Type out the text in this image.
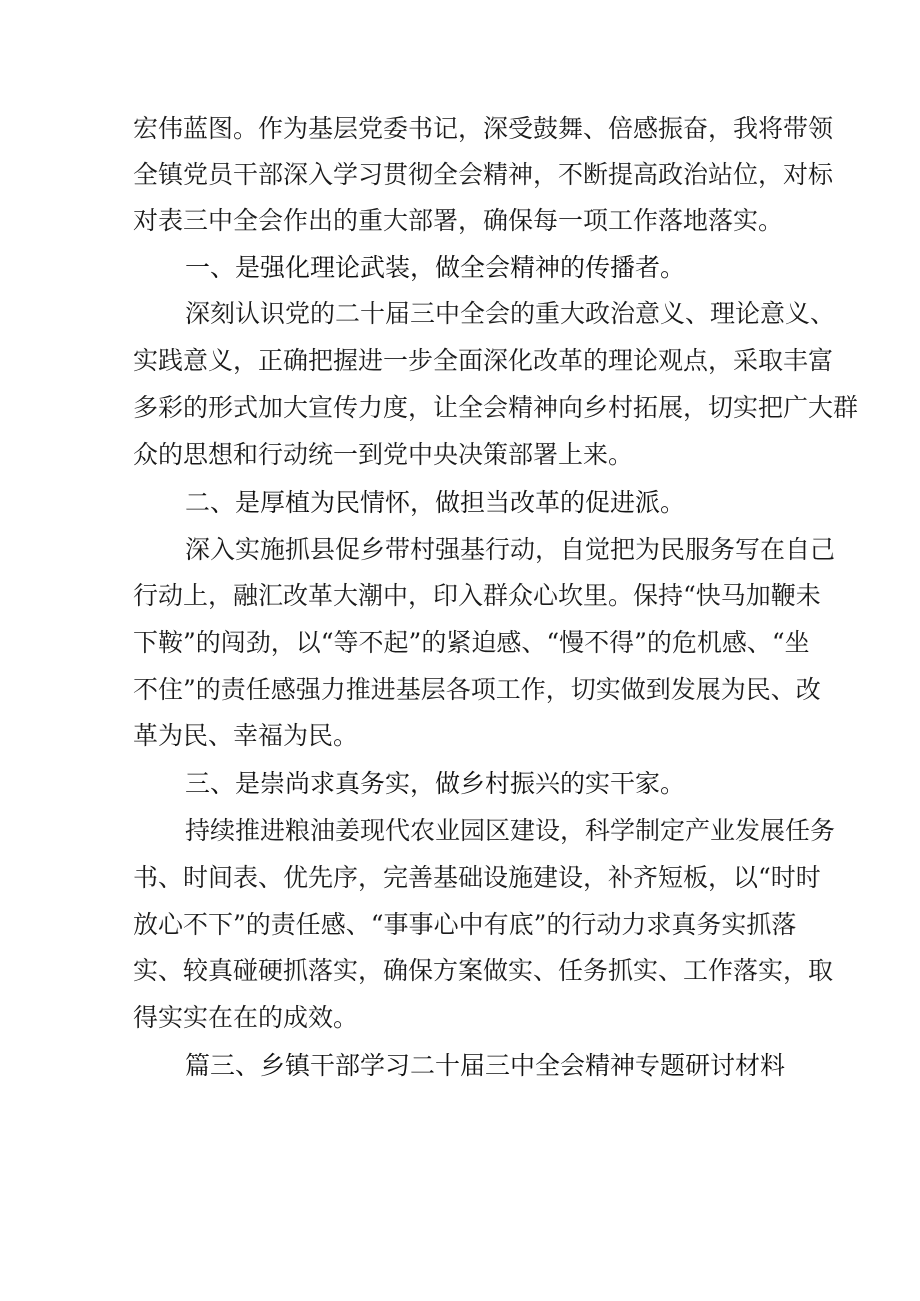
宏伟蓝图。作为基层党委书记，深受鼓舞、倍感振奋，我将带领
全镇党员干部深入学习贯彻全会精神，不断提高政治站位，对标
对表三中全会作出的重大部署，确保每一项工作落地落实。
一、是强化理论武装，做全会精神的传播者。
深刻认识党的二十届三中全会的重大政治意义、理论意义、
实践意义，正确把握进一步全面深化改革的理论观点，采取丰富
多彩的形式加大宣传力度，让全会精神向乡村拓展，切实把广大群
众的思想和行动统一到党中央决策部署上来。
二、是厚植为民情怀，做担当改革的促进派。
深入实施抓县促乡带村强基行动，自觉把为民服务写在自己
行动上，融汇改革大潮中，印入群众心坎里。保持“快马加鞭未
下鞍”的闯劲，以“等不起”的紧迫感、“慢不得”的危机感、“坐
不住”的责任感强力推进基层各项工作，切实做到发展为民、改
革为民、幸福为民。
三、是崇尚求真务实，做乡村振兴的实干家。
持续推进粮油姜现代农业园区建设，科学制定产业发展任务
书、时间表、优先序，完善基础设施建设，补齐短板，以“时时
放心不下”的责任感、“事事心中有底”的行动力求真务实抓落
实、较真碰硬抓落实，确保方案做实、任务抓实、工作落实，取
得实实在在的成效。
篇三、乡镇干部学习二十届三中全会精神专题研讨材料
